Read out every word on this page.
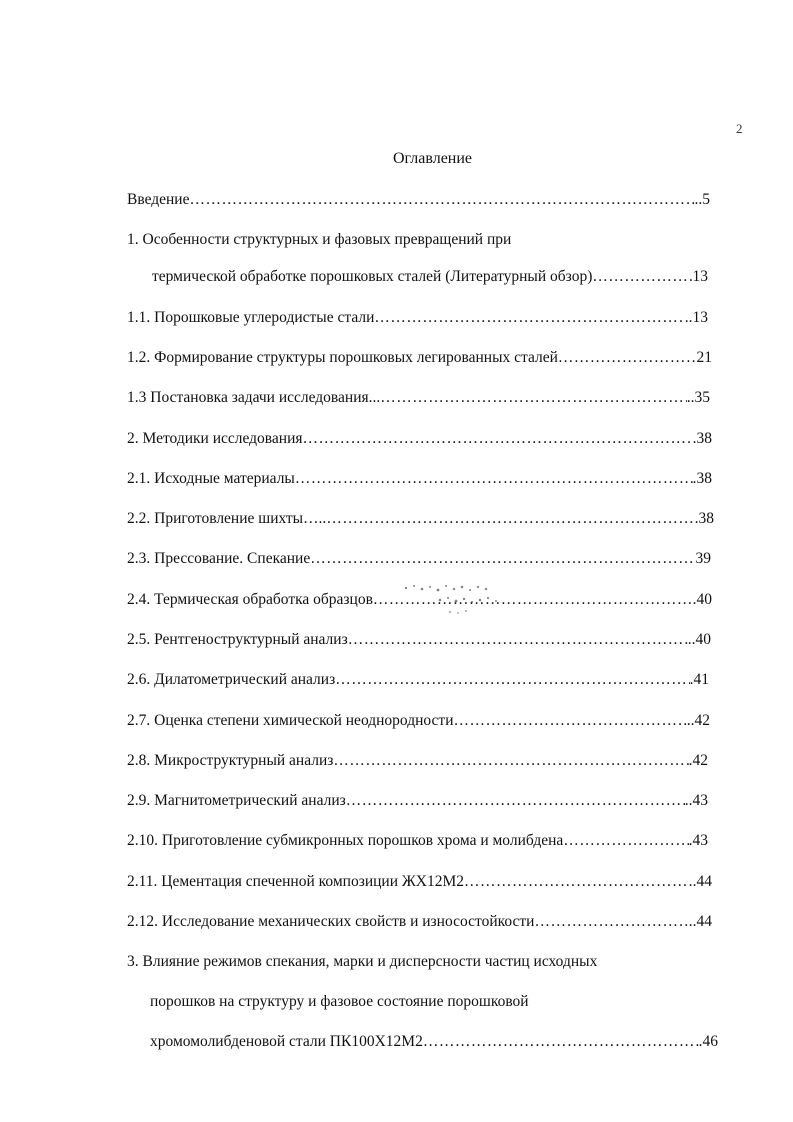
2
Оглавление
Введение ………………………………………………………………………………………………………………………………………………………………	..5
1. Особенности структурных и фазовых превращений при
термической обработке порошковых сталей (Литературный обзор) ………………………………………………………………………………………………………………………………………………………………	13
1.1. Порошковые углеродистые стали ………………………………………………………………………………………………………………………………………………………………	..13
1.2. Формирование структуры порошковых легированных сталей ………………………………………………………………………………………………………………………………………………………………	21
1.3 Постановка задачи исследования... ………………………………………………………………………………………………………………………………………………………………	..35
2. Методики исследования ………………………………………………………………………………………………………………………………………………………………	.38
2.1. Исходные материалы ………………………………………………………………………………………………………………………………………………………………	.38
2.2. Приготовление шихты….. ………………………………………………………………………………………………………………………………………………………………	.38
2.3. Прессование. Спекание ………………………………………………………………………………………………………………………………………………………………	39
2.4. Термическая обработка образцов ………………………………………………………………………………………………………………………………………………………………	.40
2.5. Рентгеноструктурный анализ ………………………………………………………………………………………………………………………………………………………………	..40
2.6. Дилатометрический анализ ………………………………………………………………………………………………………………………………………………………………	.41
2.7. Оценка степени химической неоднородности ………………………………………………………………………………………………………………………………………………………………	..42
2.8. Микроструктурный анализ ………………………………………………………………………………………………………………………………………………………………	.42
2.9. Магнитометрический анализ ………………………………………………………………………………………………………………………………………………………………	..43
2.10. Приготовление субмикронных порошков хрома и молибдена ………………………………………………………………………………………………………………………………………………………………	.43
2.11. Цементация спеченной композиции ЖХ12М2 ………………………………………………………………………………………………………………………………………………………………	.44
2.12. Исследование механических свойств и износостойкости ………………………………………………………………………………………………………………………………………………………………	..44
3. Влияние режимов спекания, марки и дисперсности частиц исходных
порошков на структуру и фазовое состояние порошковой
хромомолибденовой стали ПК100Х12М2 ………………………………………………………………………………………………………………………………………………………………	.46
